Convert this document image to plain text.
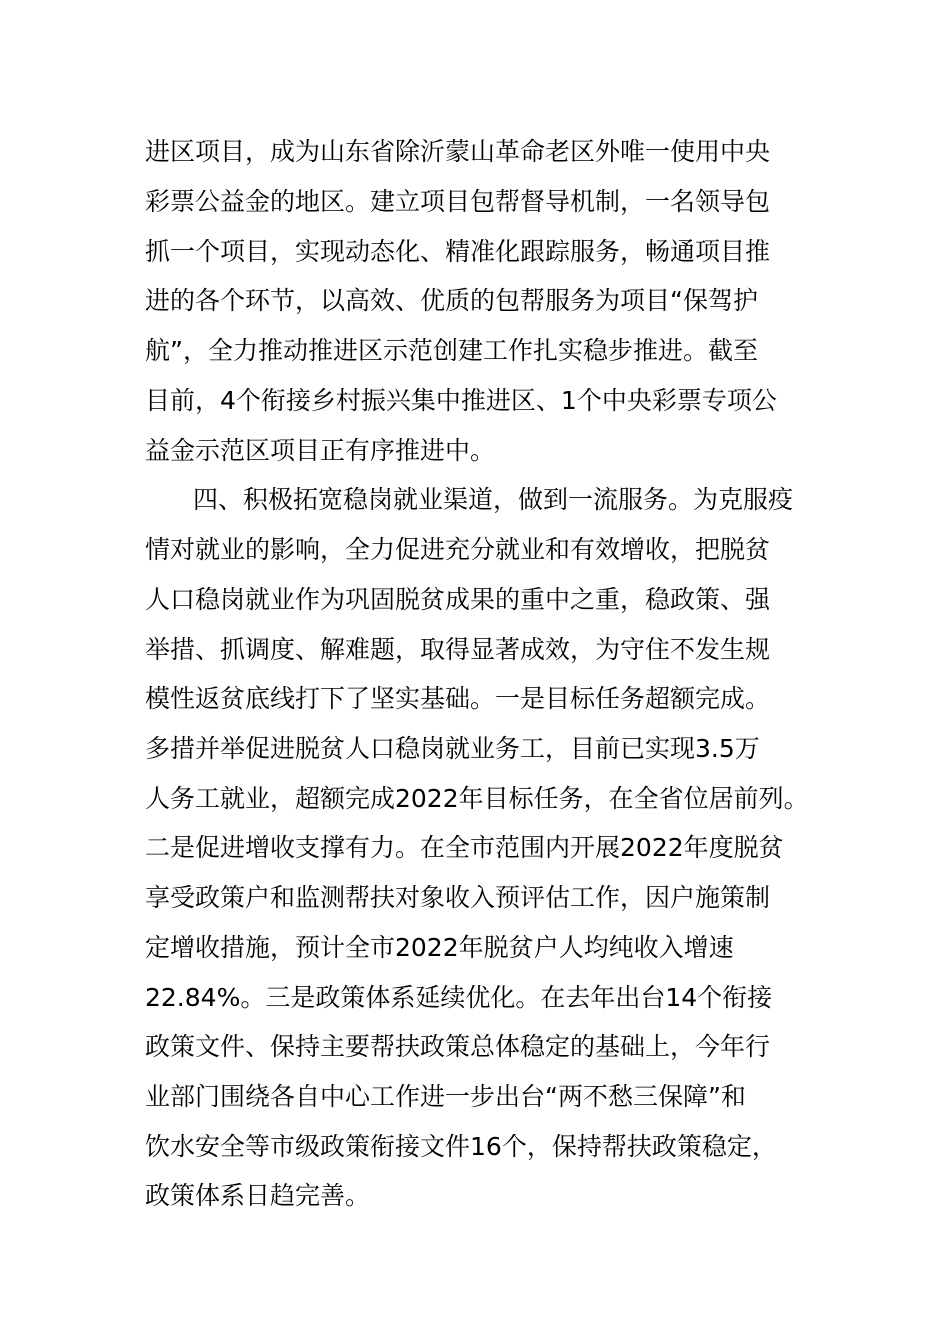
进区项目，成为山东省除沂蒙山革命老区外唯一使用中央
彩票公益金的地区。建立项目包帮督导机制，一名领导包
抓一个项目，实现动态化、精准化跟踪服务，畅通项目推
进的各个环节，以高效、优质的包帮服务为项目“保驾护
航”，全力推动推进区示范创建工作扎实稳步推进。截至
目前，4个衔接乡村振兴集中推进区、1个中央彩票专项公
益金示范区项目正有序推进中。
四、积极拓宽稳岗就业渠道，做到一流服务。为克服疫
情对就业的影响，全力促进充分就业和有效增收，把脱贫
人口稳岗就业作为巩固脱贫成果的重中之重，稳政策、强
举措、抓调度、解难题，取得显著成效，为守住不发生规
模性返贫底线打下了坚实基础。一是目标任务超额完成。
多措并举促进脱贫人口稳岗就业务工，目前已实现3.5万
人务工就业，超额完成2022年目标任务，在全省位居前列。
二是促进增收支撑有力。在全市范围内开展2022年度脱贫
享受政策户和监测帮扶对象收入预评估工作，因户施策制
定增收措施，预计全市2022年脱贫户人均纯收入增速
22.84%。三是政策体系延续优化。在去年出台14个衔接
政策文件、保持主要帮扶政策总体稳定的基础上，今年行
业部门围绕各自中心工作进一步出台“两不愁三保障”和
饮水安全等市级政策衔接文件16个，保持帮扶政策稳定，
政策体系日趋完善。
